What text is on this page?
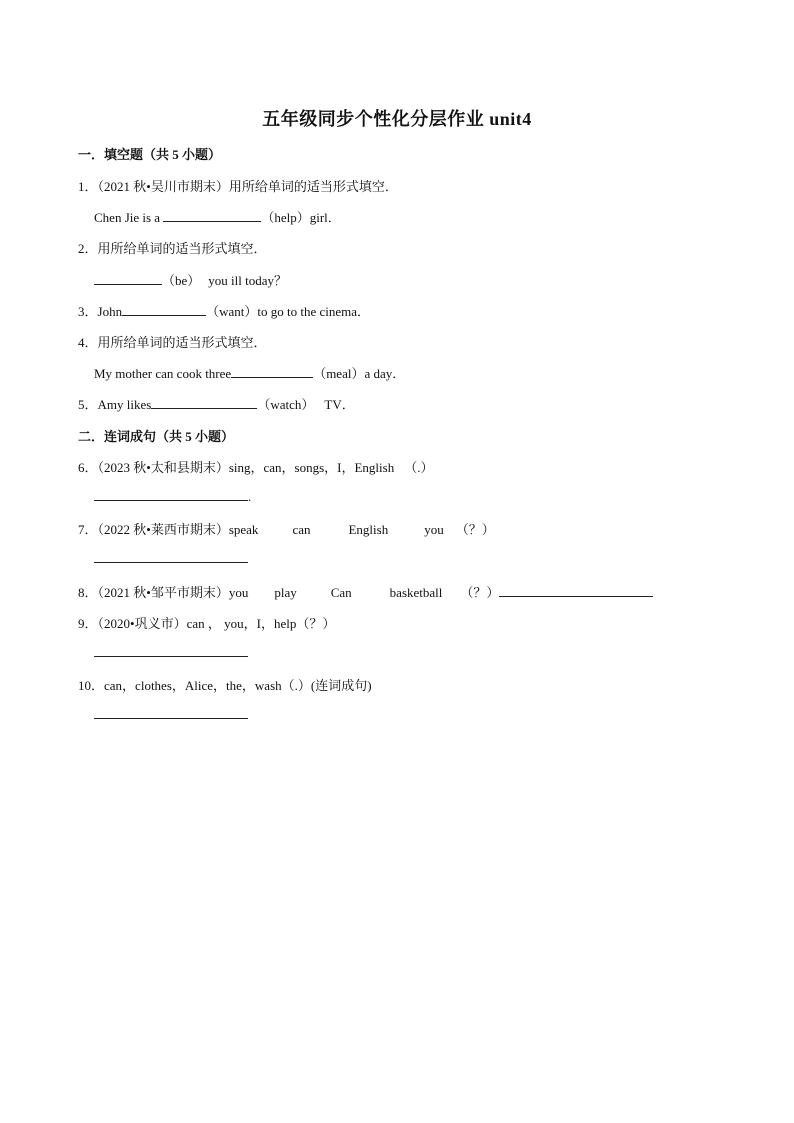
五年级同步个性化分层作业 unit4
一．填空题（共 5 小题）
1．（2021 秋•吴川市期末）用所给单词的适当形式填空．
Chen Jie is a	（help）girl．
2．用所给单词的适当形式填空．
（be） you ill today？
3．John	（want）to go to the cinema．
4．用所给单词的适当形式填空．
My mother can cook three	（meal）a day．
5．Amy likes	（watch） TV．
二．连词成句（共 5 小题）
6．（2023 秋•太和县期末）sing，can，songs，I，English （.）
.
7．（2022 秋•莱西市期末）speak	can	English	you （？）
8．（2021 秋•邹平市期末）you play	Can	basketball （？）
9．（2020•巩义市）can ， you，I，help（？）
10．can，clothes，Alice，the，wash（.）(连词成句)
